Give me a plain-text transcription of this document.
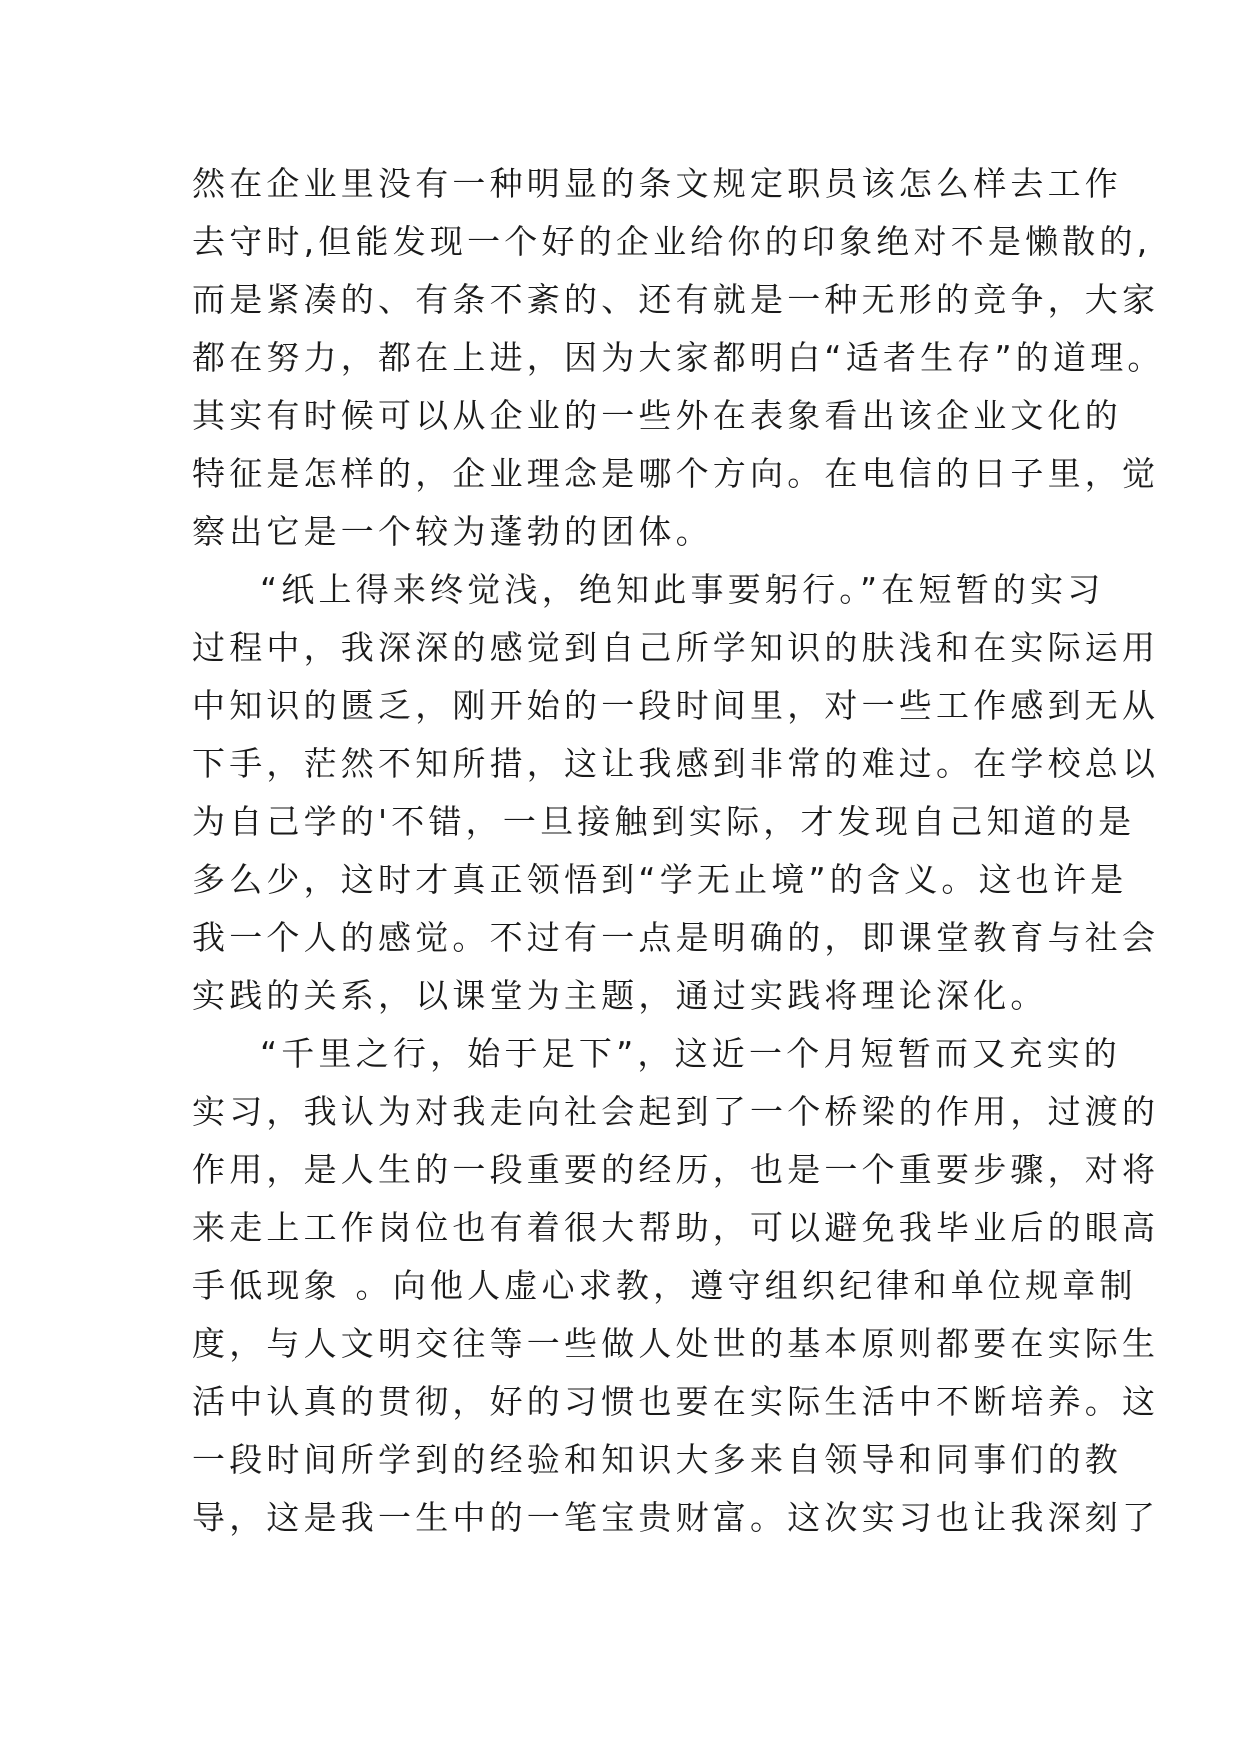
然在企业里没有一种明显的条文规定职员该怎么样去工作
去守时,但能发现一个好的企业给你的印象绝对不是懒散的,
而是紧凑的、有条不紊的、还有就是一种无形的竞争，大家
都在努力，都在上进，因为大家都明白“适者生存”的道理。
其实有时候可以从企业的一些外在表象看出该企业文化的
特征是怎样的，企业理念是哪个方向。在电信的日子里，觉
察出它是一个较为蓬勃的团体。
“纸上得来终觉浅，绝知此事要躬行。”在短暂的实习
过程中，我深深的感觉到自己所学知识的肤浅和在实际运用
中知识的匮乏，刚开始的一段时间里，对一些工作感到无从
下手，茫然不知所措，这让我感到非常的难过。在学校总以
为自己学的'不错，一旦接触到实际，才发现自己知道的是
多么少，这时才真正领悟到“学无止境”的含义。这也许是
我一个人的感觉。不过有一点是明确的，即课堂教育与社会
实践的关系，以课堂为主题，通过实践将理论深化。
“千里之行，始于足下”，这近一个月短暂而又充实的
实习，我认为对我走向社会起到了一个桥梁的作用，过渡的
作用，是人生的一段重要的经历，也是一个重要步骤，对将
来走上工作岗位也有着很大帮助，可以避免我毕业后的眼高
手低现象 。向他人虚心求教，遵守组织纪律和单位规章制
度，与人文明交往等一些做人处世的基本原则都要在实际生
活中认真的贯彻，好的习惯也要在实际生活中不断培养。这
一段时间所学到的经验和知识大多来自领导和同事们的教
导，这是我一生中的一笔宝贵财富。这次实习也让我深刻了
